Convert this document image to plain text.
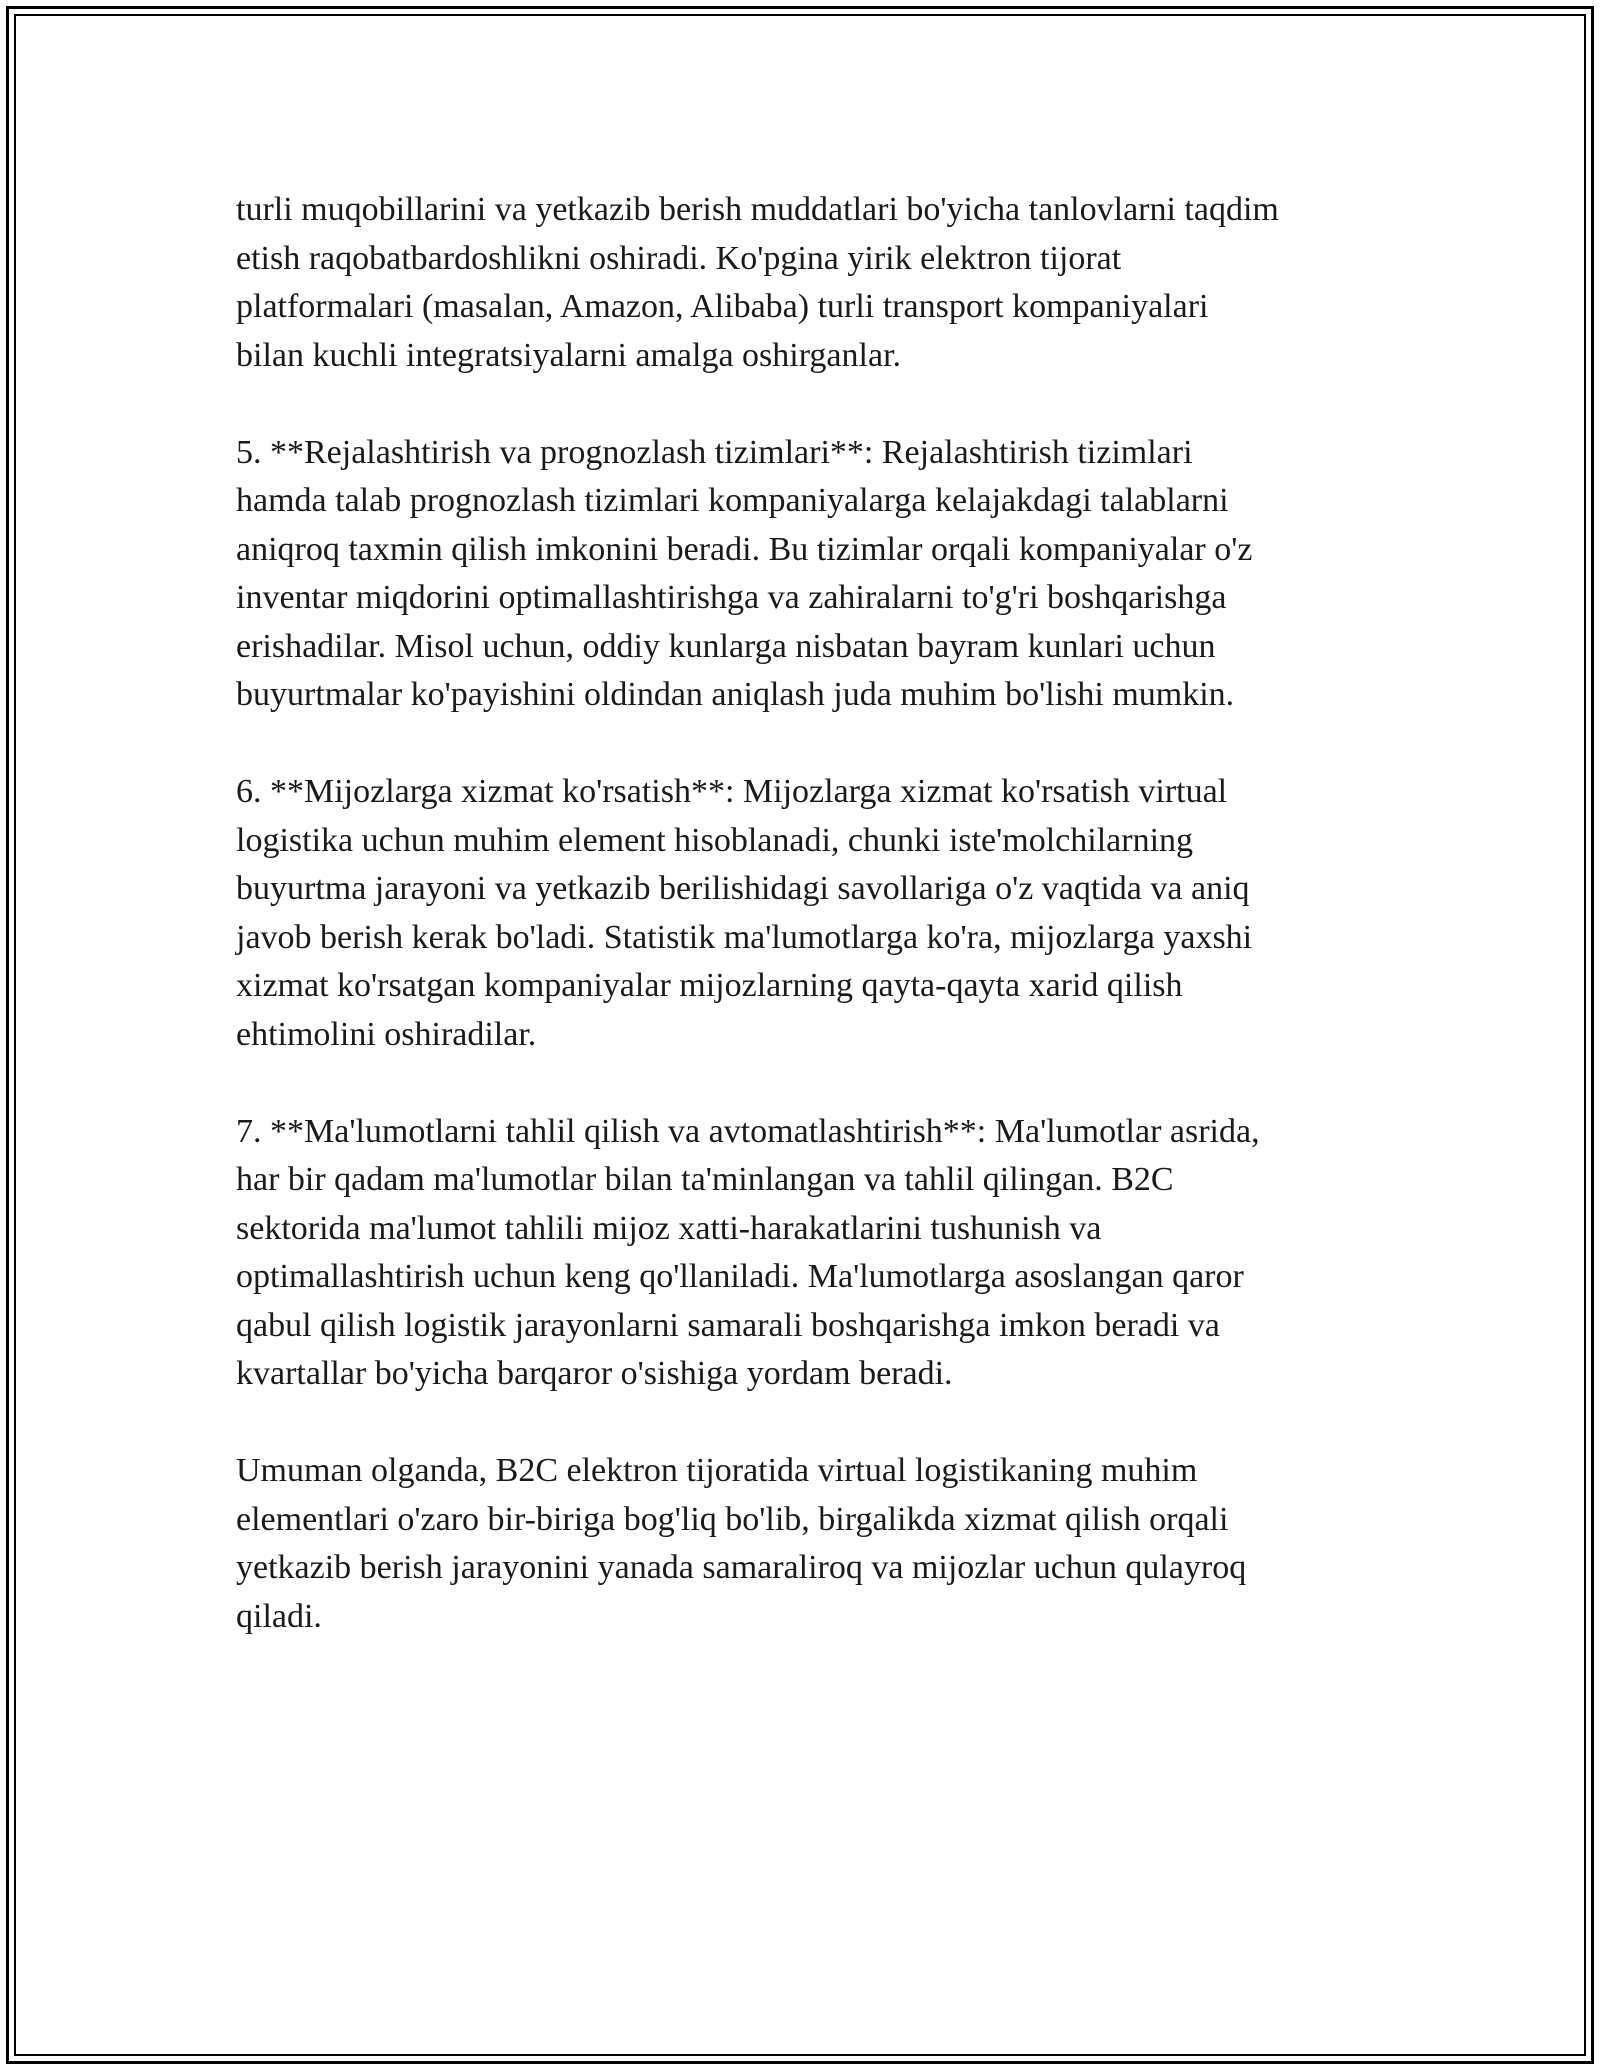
turli muqobillarini va yetkazib berish muddatlari bo'yicha tanlovlarni taqdim
etish raqobatbardoshlikni oshiradi. Ko'pgina yirik elektron tijorat
platformalari (masalan, Amazon, Alibaba) turli transport kompaniyalari
bilan kuchli integratsiyalarni amalga oshirganlar.

5. **Rejalashtirish va prognozlash tizimlari**: Rejalashtirish tizimlari
hamda talab prognozlash tizimlari kompaniyalarga kelajakdagi talablarni
aniqroq taxmin qilish imkonini beradi. Bu tizimlar orqali kompaniyalar o'z
inventar miqdorini optimallashtirishga va zahiralarni to'g'ri boshqarishga
erishadilar. Misol uchun, oddiy kunlarga nisbatan bayram kunlari uchun
buyurtmalar ko'payishini oldindan aniqlash juda muhim bo'lishi mumkin.

6. **Mijozlarga xizmat ko'rsatish**: Mijozlarga xizmat ko'rsatish virtual
logistika uchun muhim element hisoblanadi, chunki iste'molchilarning
buyurtma jarayoni va yetkazib berilishidagi savollariga o'z vaqtida va aniq
javob berish kerak bo'ladi. Statistik ma'lumotlarga ko'ra, mijozlarga yaxshi
xizmat ko'rsatgan kompaniyalar mijozlarning qayta-qayta xarid qilish
ehtimolini oshiradilar.

7. **Ma'lumotlarni tahlil qilish va avtomatlashtirish**: Ma'lumotlar asrida,
har bir qadam ma'lumotlar bilan ta'minlangan va tahlil qilingan. B2C
sektorida ma'lumot tahlili mijoz xatti-harakatlarini tushunish va
optimallashtirish uchun keng qo'llaniladi. Ma'lumotlarga asoslangan qaror
qabul qilish logistik jarayonlarni samarali boshqarishga imkon beradi va
kvartallar bo'yicha barqaror o'sishiga yordam beradi.

Umuman olganda, B2C elektron tijoratida virtual logistikaning muhim
elementlari o'zaro bir-biriga bog'liq bo'lib, birgalikda xizmat qilish orqali
yetkazib berish jarayonini yanada samaraliroq va mijozlar uchun qulayroq
qiladi.
